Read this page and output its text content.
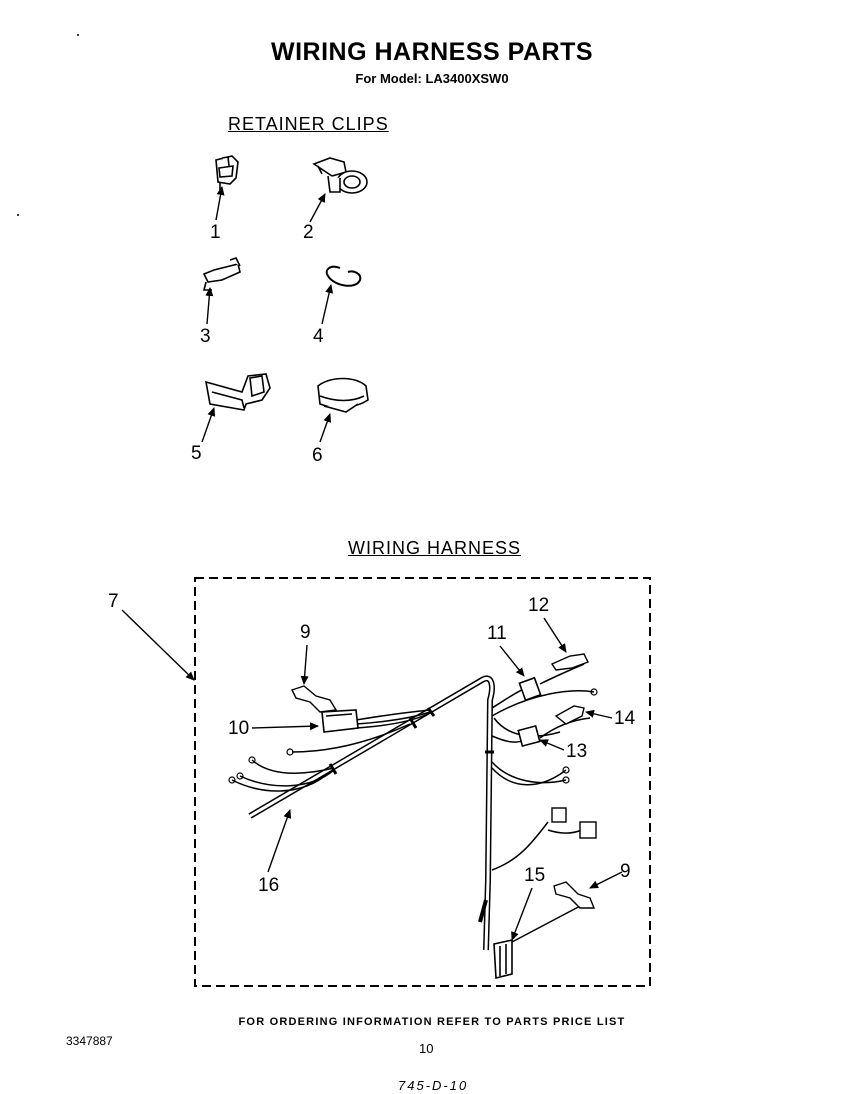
WIRING HARNESS PARTS
For Model: LA3400XSW0
RETAINER CLIPS
WIRING HARNESS
1	2
3	4
5	6
7
9
10
11
12
13
14
15	9
16
FOR ORDERING INFORMATION REFER TO PARTS PRICE LIST
3347887	10
745-D-10
